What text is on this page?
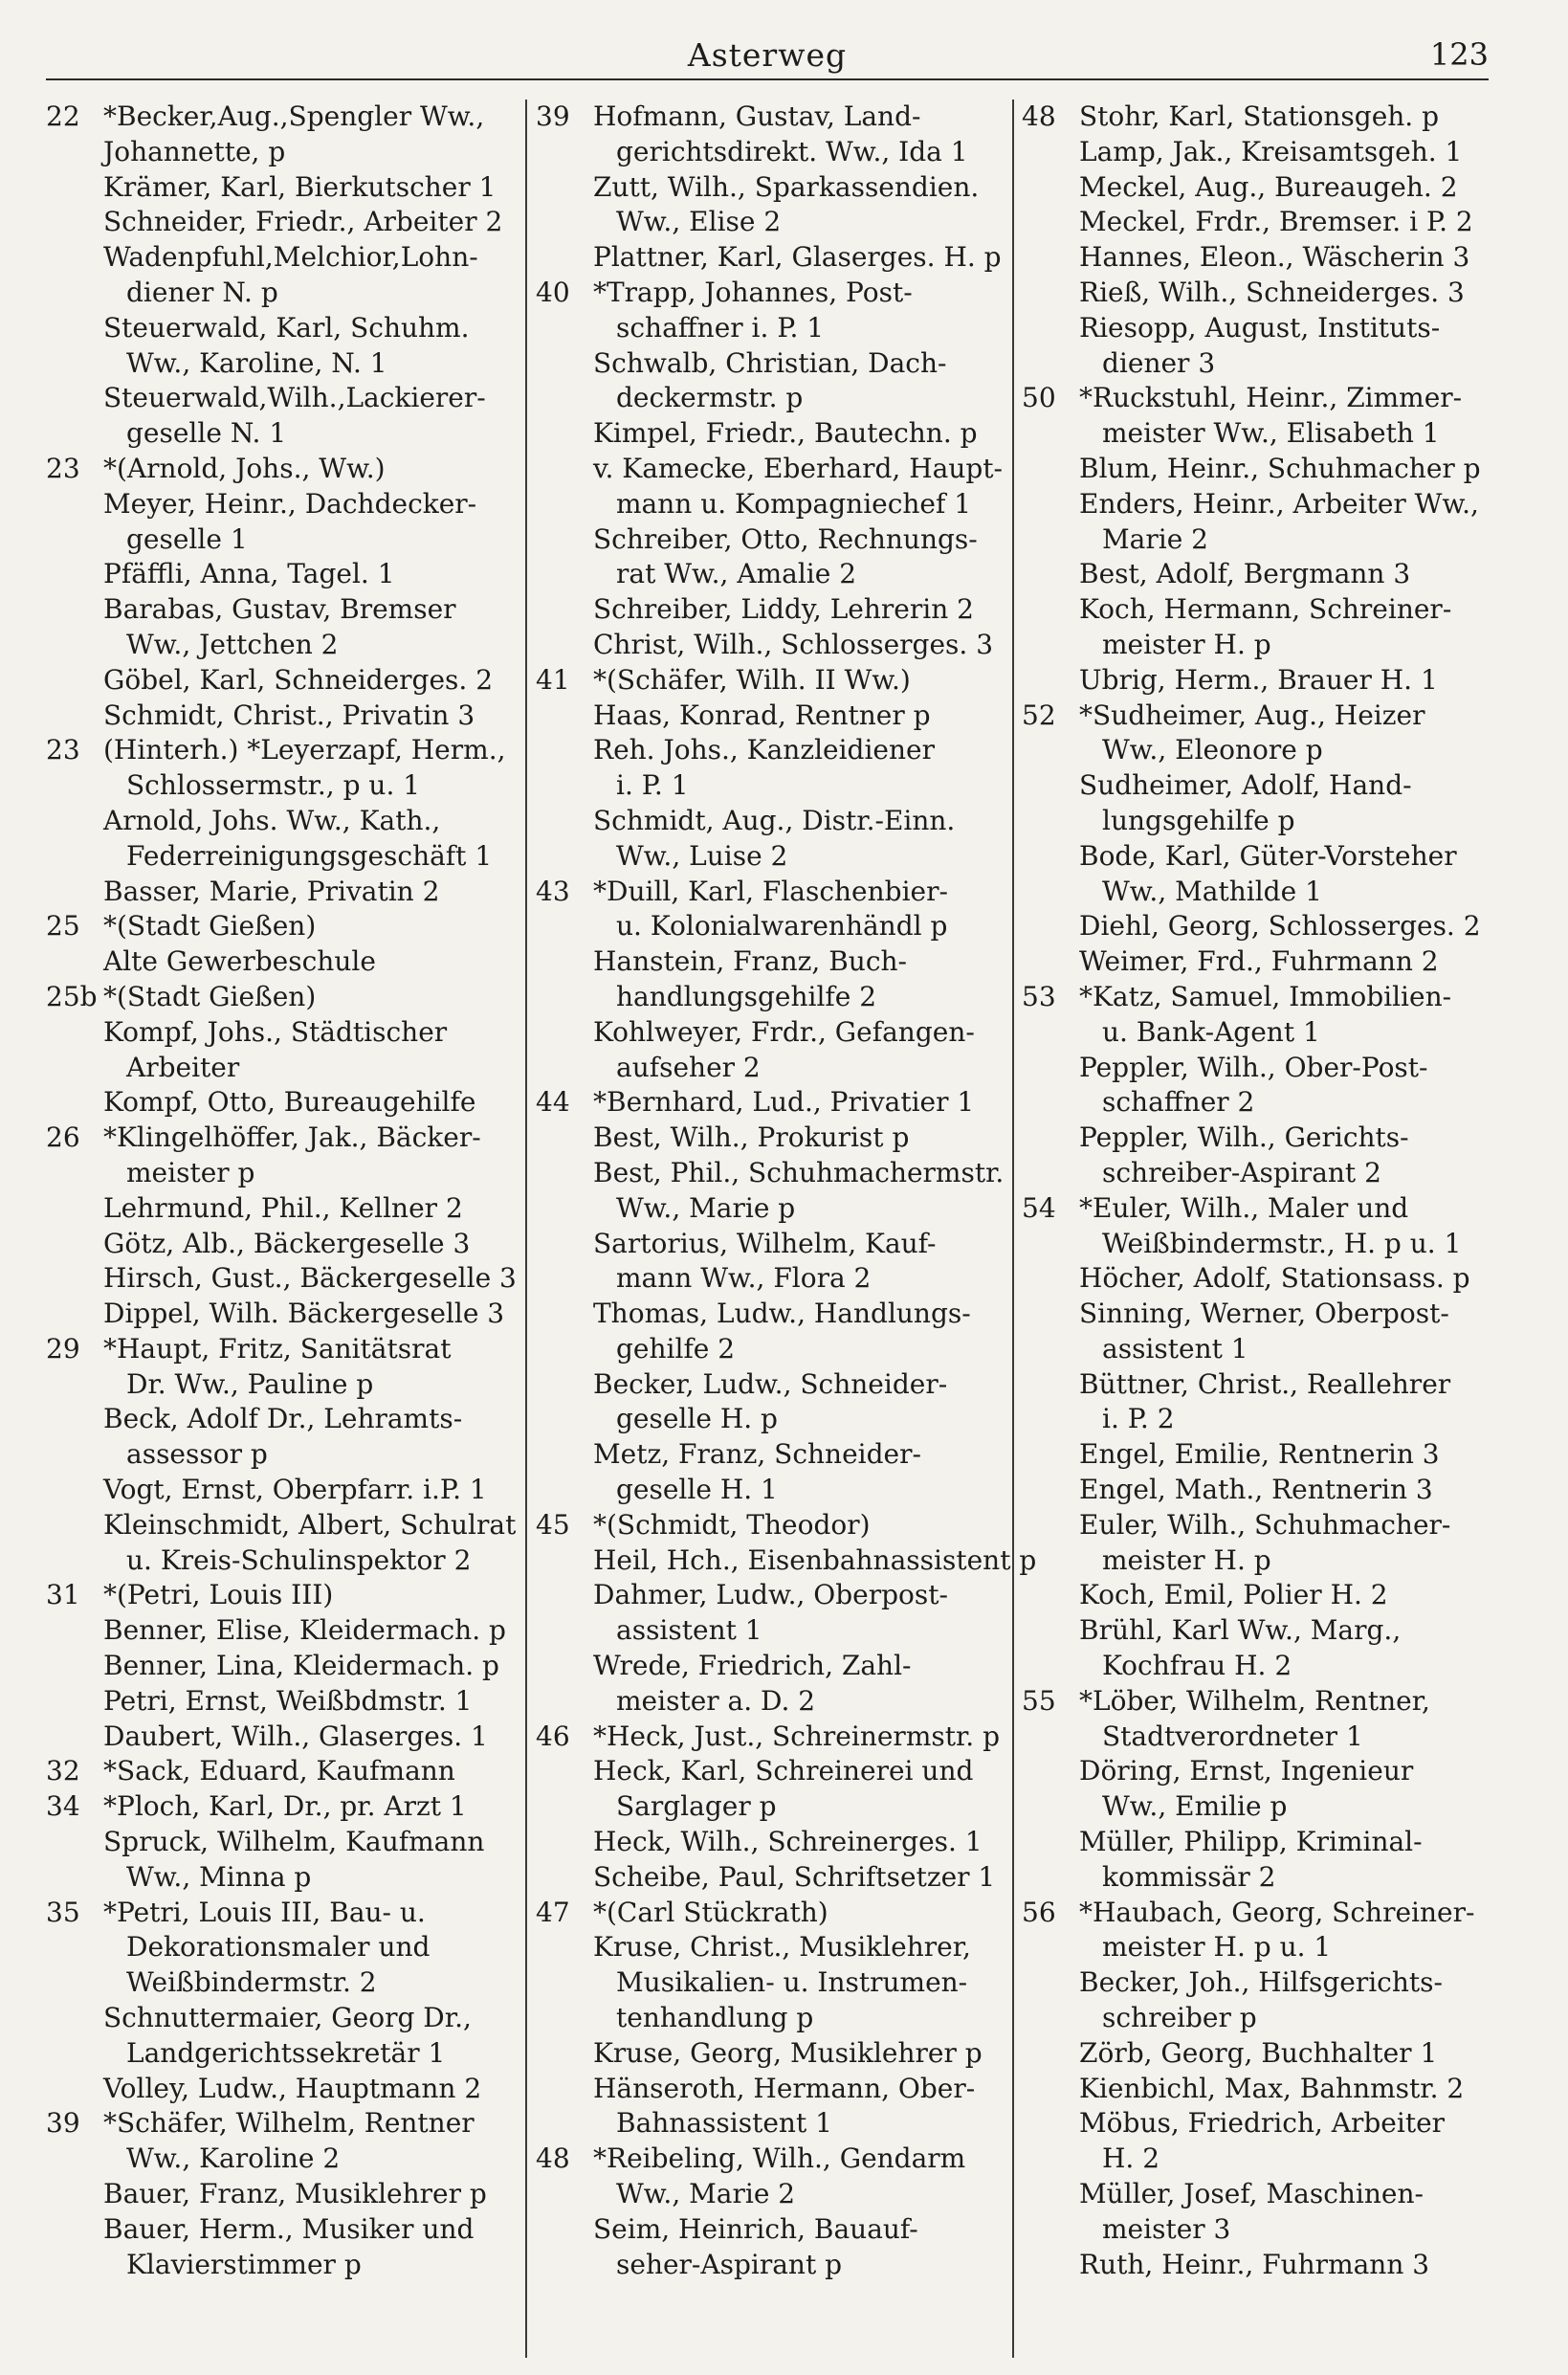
Asterweg	123
22 *Becker,Aug.,Spengler Ww.,
Johannette, p
Krämer, Karl, Bierkutscher 1
Schneider, Friedr., Arbeiter 2
Wadenpfuhl,Melchior,Lohn-
diener N. p
Steuerwald, Karl, Schuhm.
Ww., Karoline, N. 1
Steuerwald,Wilh.,Lackierer-
geselle N. 1
23 *(Arnold, Johs., Ww.)
Meyer, Heinr., Dachdecker-
geselle 1
Pfäffli, Anna, Tagel. 1
Barabas, Gustav, Bremser
Ww., Jettchen 2
Göbel, Karl, Schneiderges. 2
Schmidt, Christ., Privatin 3
23 (Hinterh.) *Leyerzapf, Herm.,
Schlossermstr., p u. 1
Arnold, Johs. Ww., Kath.,
Federreinigungsgeschäft 1
Basser, Marie, Privatin 2
25 *(Stadt Gießen)
Alte Gewerbeschule
25b *(Stadt Gießen)
Kompf, Johs., Städtischer
Arbeiter
Kompf, Otto, Bureaugehilfe
26 *Klingelhöffer, Jak., Bäcker-
meister p
Lehrmund, Phil., Kellner 2
Götz, Alb., Bäckergeselle 3
Hirsch, Gust., Bäckergeselle 3
Dippel, Wilh. Bäckergeselle 3
29 *Haupt, Fritz, Sanitätsrat
Dr. Ww., Pauline p
Beck, Adolf Dr., Lehramts-
assessor p
Vogt, Ernst, Oberpfarr. i.P. 1
Kleinschmidt, Albert, Schulrat
u. Kreis-Schulinspektor 2
31 *(Petri, Louis III)
Benner, Elise, Kleidermach. p
Benner, Lina, Kleidermach. p
Petri, Ernst, Weißbdmstr. 1
Daubert, Wilh., Glaserges. 1
32 *Sack, Eduard, Kaufmann
34 *Ploch, Karl, Dr., pr. Arzt 1
Spruck, Wilhelm, Kaufmann
Ww., Minna p
35 *Petri, Louis III, Bau- u.
Dekorationsmaler und
Weißbindermstr. 2
Schnuttermaier, Georg Dr.,
Landgerichtssekretär 1
Volley, Ludw., Hauptmann 2
39 *Schäfer, Wilhelm, Rentner
Ww., Karoline 2
Bauer, Franz, Musiklehrer p
Bauer, Herm., Musiker und
Klavierstimmer p
39 Hofmann, Gustav, Land-
gerichtsdirekt. Ww., Ida 1
Zutt, Wilh., Sparkassendien.
Ww., Elise 2
Plattner, Karl, Glaserges. H. p
40 *Trapp, Johannes, Post-
schaffner i. P. 1
Schwalb, Christian, Dach-
deckermstr. p
Kimpel, Friedr., Bautechn. p
v. Kamecke, Eberhard, Haupt-
mann u. Kompagniechef 1
Schreiber, Otto, Rechnungs-
rat Ww., Amalie 2
Schreiber, Liddy, Lehrerin 2
Christ, Wilh., Schlosserges. 3
41 *(Schäfer, Wilh. II Ww.)
Haas, Konrad, Rentner p
Reh. Johs., Kanzleidiener
i. P. 1
Schmidt, Aug., Distr.-Einn.
Ww., Luise 2
43 *Duill, Karl, Flaschenbier-
u. Kolonialwarenhändl p
Hanstein, Franz, Buch-
handlungsgehilfe 2
Kohlweyer, Frdr., Gefangen-
aufseher 2
44 *Bernhard, Lud., Privatier 1
Best, Wilh., Prokurist p
Best, Phil., Schuhmachermstr.
Ww., Marie p
Sartorius, Wilhelm, Kauf-
mann Ww., Flora 2
Thomas, Ludw., Handlungs-
gehilfe 2
Becker, Ludw., Schneider-
geselle H. p
Metz, Franz, Schneider-
geselle H. 1
45 *(Schmidt, Theodor)
Heil, Hch., Eisenbahnassistent p
Dahmer, Ludw., Oberpost-
assistent 1
Wrede, Friedrich, Zahl-
meister a. D. 2
46 *Heck, Just., Schreinermstr. p
Heck, Karl, Schreinerei und
Sarglager p
Heck, Wilh., Schreinerges. 1
Scheibe, Paul, Schriftsetzer 1
47 *(Carl Stückrath)
Kruse, Christ., Musiklehrer,
Musikalien- u. Instrumen-
tenhandlung p
Kruse, Georg, Musiklehrer p
Hänseroth, Hermann, Ober-
Bahnassistent 1
48 *Reibeling, Wilh., Gendarm
Ww., Marie 2
Seim, Heinrich, Bauauf-
seher-Aspirant p
48 Stohr, Karl, Stationsgeh. p
Lamp, Jak., Kreisamtsgeh. 1
Meckel, Aug., Bureaugeh. 2
Meckel, Frdr., Bremser. i P. 2
Hannes, Eleon., Wäscherin 3
Rieß, Wilh., Schneiderges. 3
Riesopp, August, Instituts-
diener 3
50 *Ruckstuhl, Heinr., Zimmer-
meister Ww., Elisabeth 1
Blum, Heinr., Schuhmacher p
Enders, Heinr., Arbeiter Ww.,
Marie 2
Best, Adolf, Bergmann 3
Koch, Hermann, Schreiner-
meister H. p
Ubrig, Herm., Brauer H. 1
52 *Sudheimer, Aug., Heizer
Ww., Eleonore p
Sudheimer, Adolf, Hand-
lungsgehilfe p
Bode, Karl, Güter-Vorsteher
Ww., Mathilde 1
Diehl, Georg, Schlosserges. 2
Weimer, Frd., Fuhrmann 2
53 *Katz, Samuel, Immobilien-
u. Bank-Agent 1
Peppler, Wilh., Ober-Post-
schaffner 2
Peppler, Wilh., Gerichts-
schreiber-Aspirant 2
54 *Euler, Wilh., Maler und
Weißbindermstr., H. p u. 1
Höcher, Adolf, Stationsass. p
Sinning, Werner, Oberpost-
assistent 1
Büttner, Christ., Reallehrer
i. P. 2
Engel, Emilie, Rentnerin 3
Engel, Math., Rentnerin 3
Euler, Wilh., Schuhmacher-
meister H. p
Koch, Emil, Polier H. 2
Brühl, Karl Ww., Marg.,
Kochfrau H. 2
55 *Löber, Wilhelm, Rentner,
Stadtverordneter 1
Döring, Ernst, Ingenieur
Ww., Emilie p
Müller, Philipp, Kriminal-
kommissär 2
56 *Haubach, Georg, Schreiner-
meister H. p u. 1
Becker, Joh., Hilfsgerichts-
schreiber p
Zörb, Georg, Buchhalter 1
Kienbichl, Max, Bahnmstr. 2
Möbus, Friedrich, Arbeiter
H. 2
Müller, Josef, Maschinen-
meister 3
Ruth, Heinr., Fuhrmann 3
